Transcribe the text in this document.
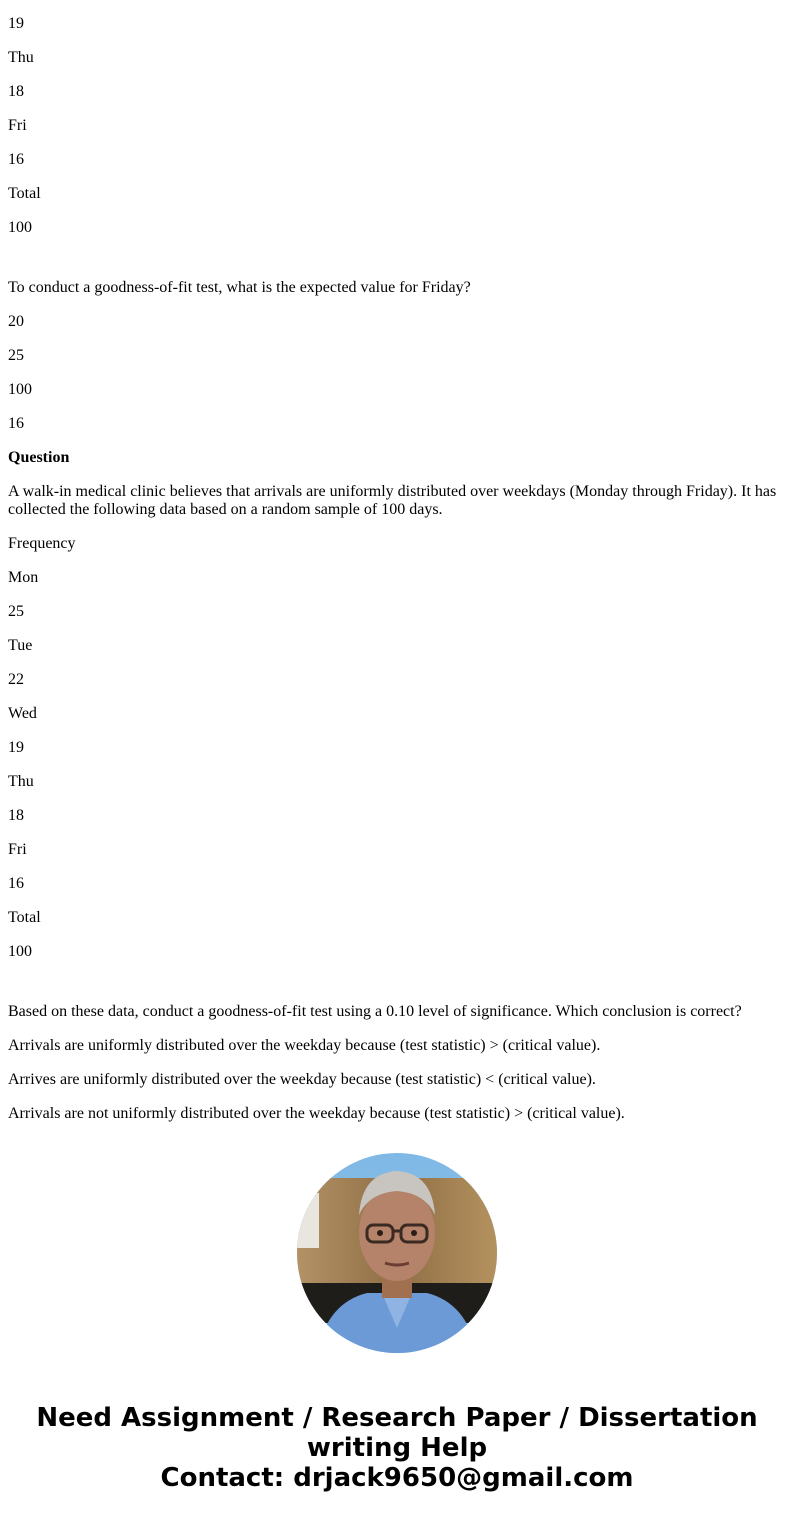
19

Thu

18

Fri

16

Total

100

To conduct a goodness-of-fit test, what is the expected value for Friday?

20

25

100

16

Question

A walk-in medical clinic believes that arrivals are uniformly distributed over weekdays (Monday through Friday). It has collected the following data based on a random sample of 100 days.

Frequency

Mon

25

Tue

22

Wed

19

Thu

18

Fri

16

Total

100

Based on these data, conduct a goodness-of-fit test using a 0.10 level of significance. Which conclusion is correct?

Arrivals are uniformly distributed over the weekday because (test statistic) > (critical value).

Arrives are uniformly distributed over the weekday because (test statistic) < (critical value).

Arrivals are not uniformly distributed over the weekday because (test statistic) > (critical value).

Need Assignment / Research Paper / Dissertation
writing Help
Contact: drjack9650@gmail.com
